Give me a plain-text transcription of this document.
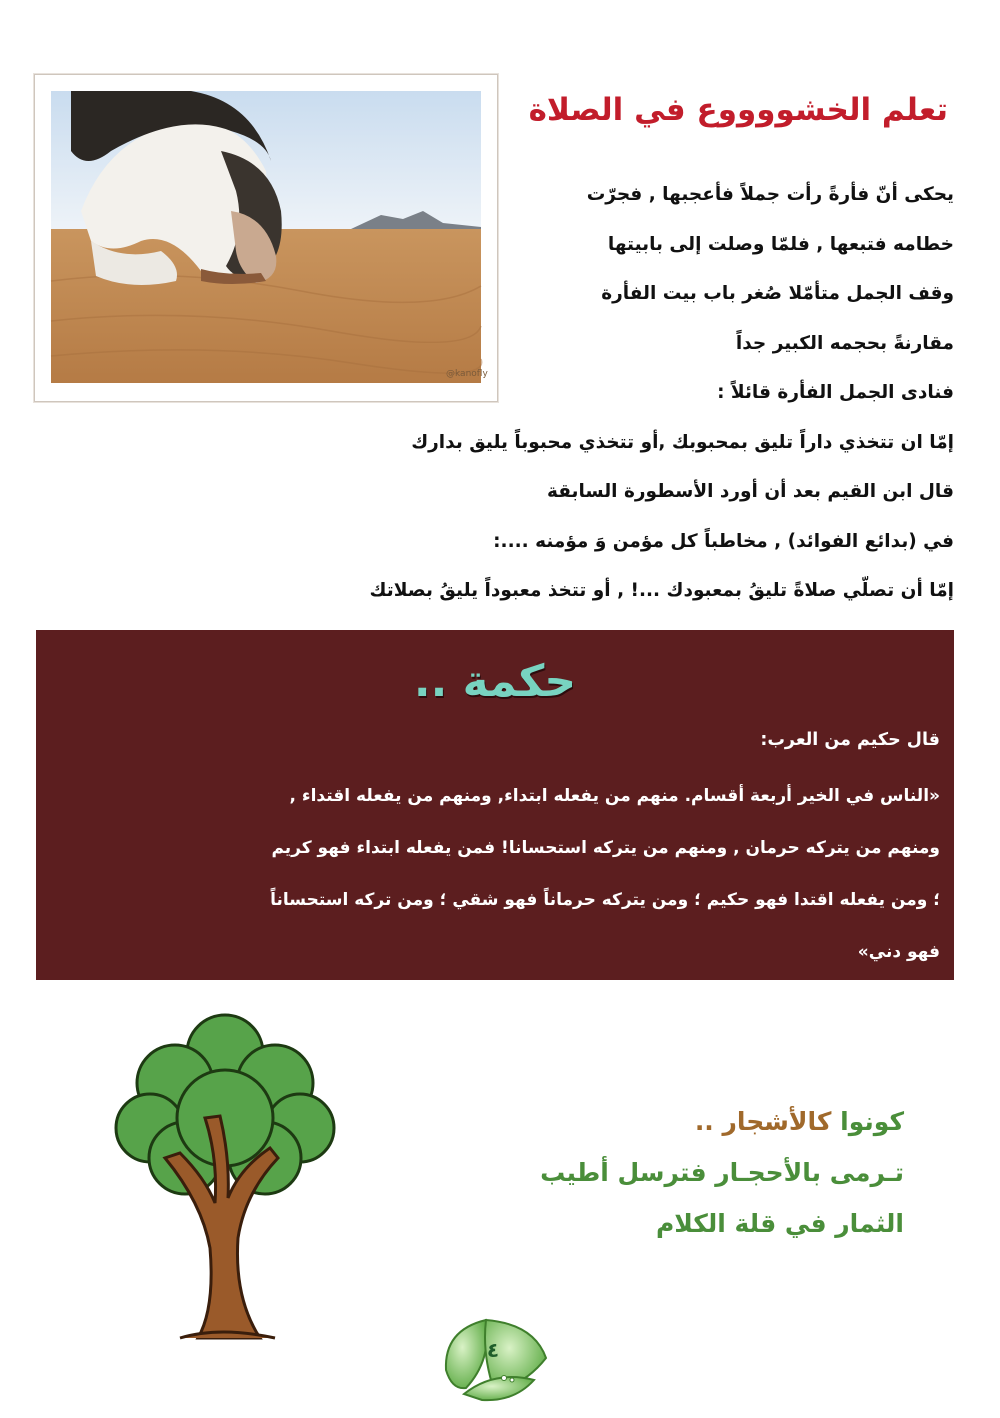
@kanofly
تعلم الخشووووع في الصلاة
يحكى أنّ فأرةً رأت جملاً فأعجبها , فجرّت
خطامه فتبعها , فلمّا وصلت إلى بابيتها
وقف الجمل متأمّلا صُغر باب بيت الفأرة
مقارنةً بحجمه الكبير جداً
فنادى الجمل الفأرة قائلاً :
إمّا ان تتخذي داراً تليق بمحبوبك ,أو تتخذي محبوباً يليق بدارك
قال ابن القيم بعد أن أورد الأسطورة السابقة
في (بدائع الفوائد) , مخاطباً كل مؤمن وَ مؤمنه ....:
إمّا أن تصلّي صلاةً تليقُ بمعبودك ...! , أو تتخذ معبوداً يليقُ بصلاتك
حكمة ..
قال حكيم من العرب:
«الناس في الخير أربعة أقسام. منهم من يفعله ابتداء, ومنهم من يفعله اقتداء ,
ومنهم من يتركه حرمان , ومنهم من يتركه استحسانا! فمن يفعله ابتداء فهو كريم
؛ ومن يفعله اقتدا فهو حكيم ؛ ومن يتركه حرماناً فهو شقي ؛ ومن تركه استحساناً
فهو دني»
كونوا كالأشجار ..
تـرمى بالأحجـار فترسل أطيب
الثمار في قلة الكلام
٤
